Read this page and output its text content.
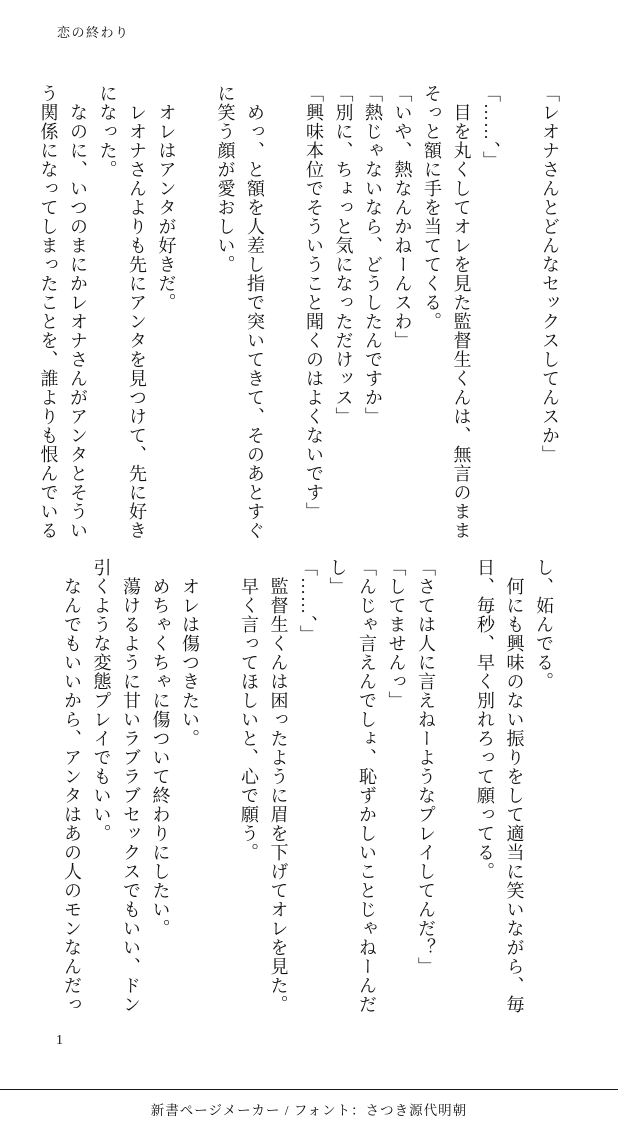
恋の終わり
「レオナさんとどんなセックスしてんスか」

「……、」
目を丸くしてオレを見た監督生くんは、無言のまま
そっと額に手を当ててくる。
「いや、熱なんかねーんスわ」
「熱じゃないなら、どうしたんですか」
「別に、ちょっと気になっただけッス」
「興味本位でそういうこと聞くのはよくないです」

めっ、と額を人差し指で突いてきて、そのあとすぐ
に笑う顔が愛おしい。

オレはアンタが好きだ。
レオナさんよりも先にアンタを見つけて、先に好き
になった。
なのに、いつのまにかレオナさんがアンタとそうい
う関係になってしまったことを、誰よりも恨んでいる
し、妬んでる。
何にも興味のない振りをして適当に笑いながら、毎
日、毎秒、早く別れろって願ってる。

「さては人に言えねーようなプレイしてんだ？」
「してませんっ」
「んじゃ言えんでしょ、恥ずかしいことじゃねーんだ
し」
「……、」
監督生くんは困ったように眉を下げてオレを見た。
早く言ってほしいと、心で願う。

オレは傷つきたい。
めちゃくちゃに傷ついて終わりにしたい。
蕩けるように甘いラブラブセックスでもいい、ドン
引くような変態プレイでもいい。
なんでもいいから、アンタはあの人のモンなんだっ
1
新書ページメーカー / フォント：さつき源代明朝
